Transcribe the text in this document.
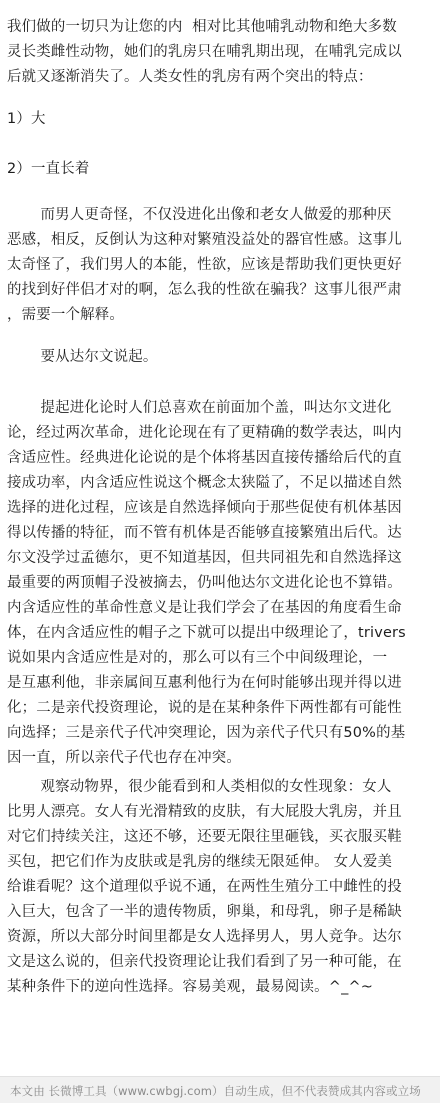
我们做的一切只为让您的内  相对比其他哺乳动物和绝大多数
灵长类雌性动物，她们的乳房只在哺乳期出现，在哺乳完成以
后就又逐渐消失了。人类女性的乳房有两个突出的特点：
1）大
2）一直长着
而男人更奇怪，不仅没进化出像和老女人做爱的那种厌
恶感，相反，反倒认为这种对繁殖没益处的器官性感。这事儿
太奇怪了，我们男人的本能，性欲，应该是帮助我们更快更好
的找到好伴侣才对的啊，怎么我的性欲在骗我？这事儿很严肃
，需要一个解释。
要从达尔文说起。
提起进化论时人们总喜欢在前面加个盖，叫达尔文进化
论，经过两次革命，进化论现在有了更精确的数学表达，叫内
含适应性。经典进化论说的是个体将基因直接传播给后代的直
接成功率，内含适应性说这个概念太狭隘了，不足以描述自然
选择的进化过程，应该是自然选择倾向于那些促使有机体基因
得以传播的特征，而不管有机体是否能够直接繁殖出后代。达
尔文没学过孟德尔，更不知道基因，但共同祖先和自然选择这
最重要的两顶帽子没被摘去，仍叫他达尔文进化论也不算错。
内含适应性的革命性意义是让我们学会了在基因的角度看生命
体，在内含适应性的帽子之下就可以提出中级理论了，trivers
说如果内含适应性是对的，那么可以有三个中间级理论，一
是互惠利他，非亲属间互惠利他行为在何时能够出现并得以进
化；二是亲代投资理论，说的是在某种条件下两性都有可能性
向选择；三是亲代子代冲突理论，因为亲代子代只有50%的基
因一直，所以亲代子代也存在冲突。
观察动物界，很少能看到和人类相似的女性现象：女人
比男人漂亮。女人有光滑精致的皮肤，有大屁股大乳房，并且
对它们持续关注，这还不够，还要无限往里砸钱，买衣服买鞋
买包，把它们作为皮肤或是乳房的继续无限延伸。 女人爱美
给谁看呢？这个道理似乎说不通，在两性生殖分工中雌性的投
入巨大，包含了一半的遗传物质，卵巢，和母乳，卵子是稀缺
资源，所以大部分时间里都是女人选择男人，男人竞争。达尔
文是这么说的，但亲代投资理论让我们看到了另一种可能，在
某种条件下的逆向性选择。容易美观，最易阅读。^_^~
本文由 长微博工具（www.cwbgj.com）自动生成，但不代表赞成其内容或立场
